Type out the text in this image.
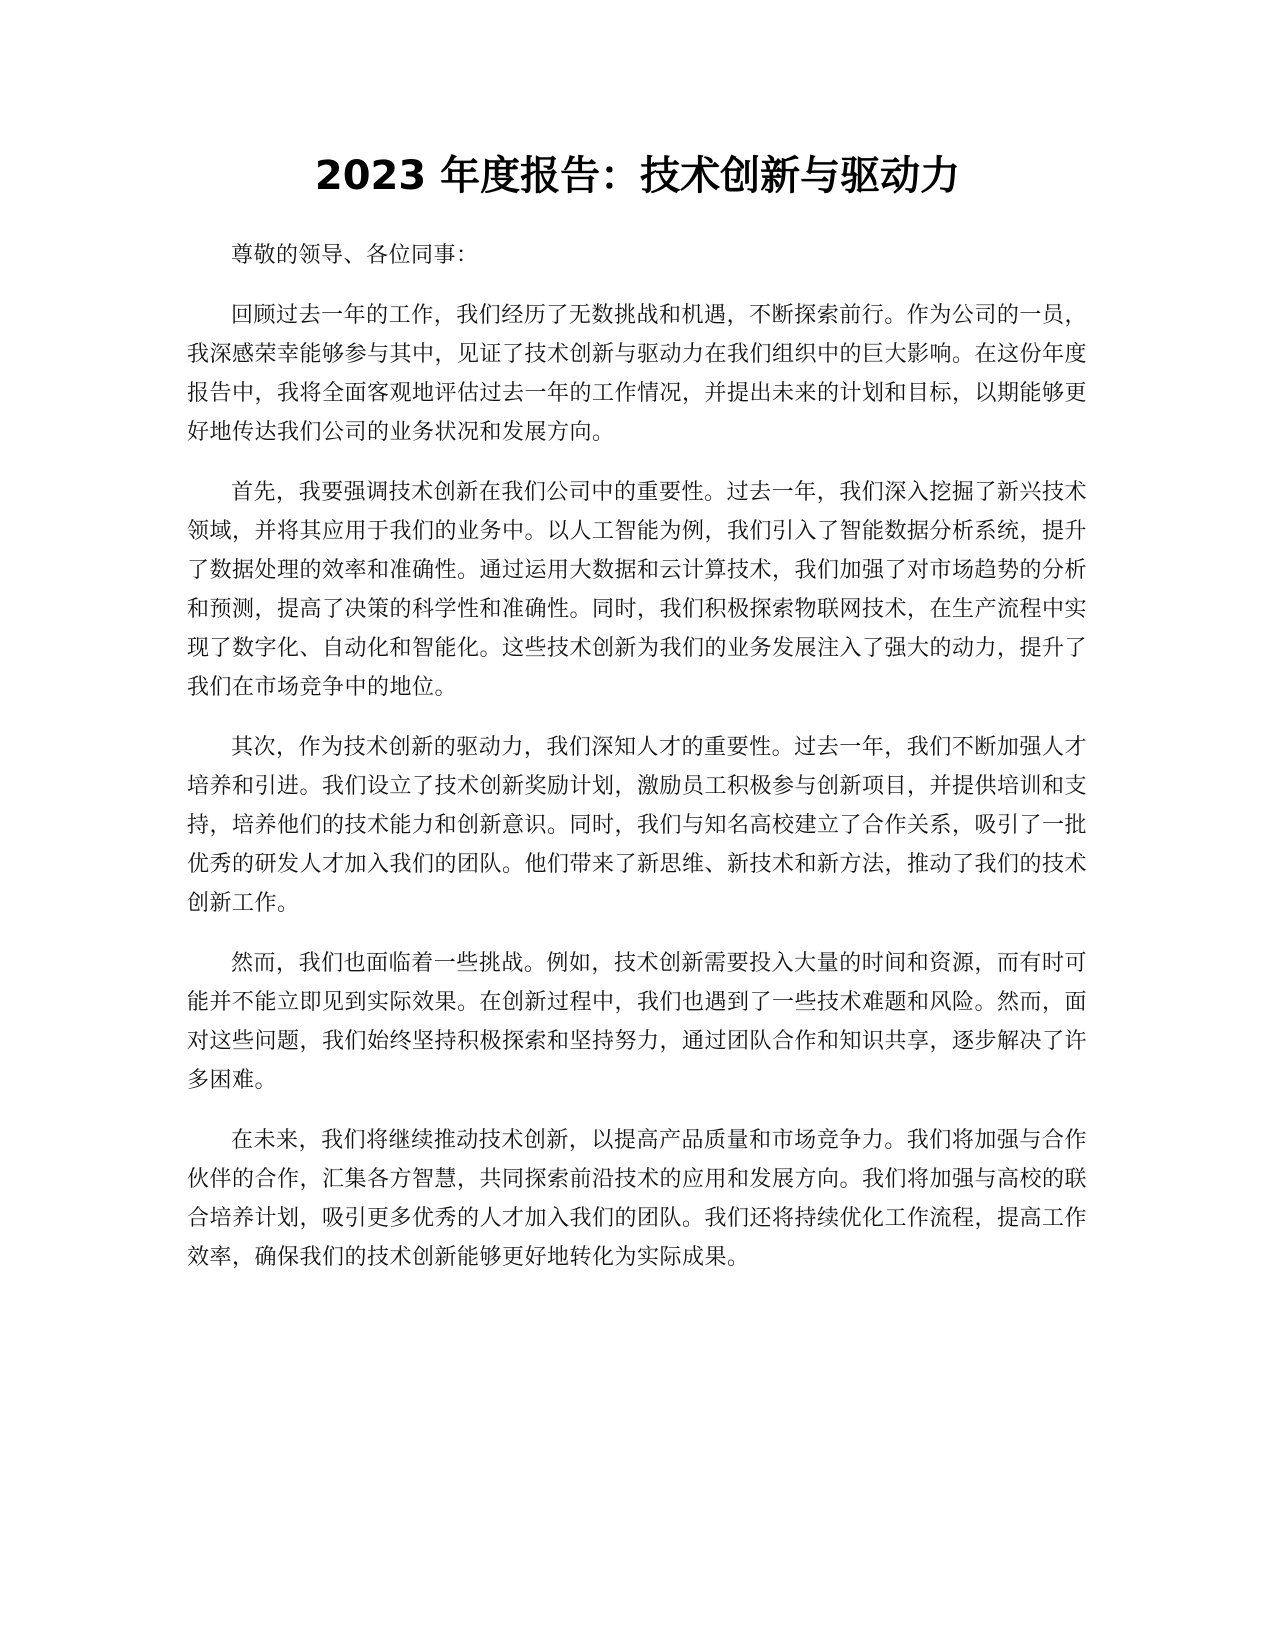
2023 年度报告：技术创新与驱动力

尊敬的领导、各位同事：

回顾过去一年的工作，我们经历了无数挑战和机遇，不断探索前行。作为公司的一员，我深感荣幸能够参与其中，见证了技术创新与驱动力在我们组织中的巨大影响。在这份年度报告中，我将全面客观地评估过去一年的工作情况，并提出未来的计划和目标，以期能够更好地传达我们公司的业务状况和发展方向。

首先，我要强调技术创新在我们公司中的重要性。过去一年，我们深入挖掘了新兴技术领域，并将其应用于我们的业务中。以人工智能为例，我们引入了智能数据分析系统，提升了数据处理的效率和准确性。通过运用大数据和云计算技术，我们加强了对市场趋势的分析和预测，提高了决策的科学性和准确性。同时，我们积极探索物联网技术，在生产流程中实现了数字化、自动化和智能化。这些技术创新为我们的业务发展注入了强大的动力，提升了我们在市场竞争中的地位。

其次，作为技术创新的驱动力，我们深知人才的重要性。过去一年，我们不断加强人才培养和引进。我们设立了技术创新奖励计划，激励员工积极参与创新项目，并提供培训和支持，培养他们的技术能力和创新意识。同时，我们与知名高校建立了合作关系，吸引了一批优秀的研发人才加入我们的团队。他们带来了新思维、新技术和新方法，推动了我们的技术创新工作。

然而，我们也面临着一些挑战。例如，技术创新需要投入大量的时间和资源，而有时可能并不能立即见到实际效果。在创新过程中，我们也遇到了一些技术难题和风险。然而，面对这些问题，我们始终坚持积极探索和坚持努力，通过团队合作和知识共享，逐步解决了许多困难。

在未来，我们将继续推动技术创新，以提高产品质量和市场竞争力。我们将加强与合作伙伴的合作，汇集各方智慧，共同探索前沿技术的应用和发展方向。我们将加强与高校的联合培养计划，吸引更多优秀的人才加入我们的团队。我们还将持续优化工作流程，提高工作效率，确保我们的技术创新能够更好地转化为实际成果。
